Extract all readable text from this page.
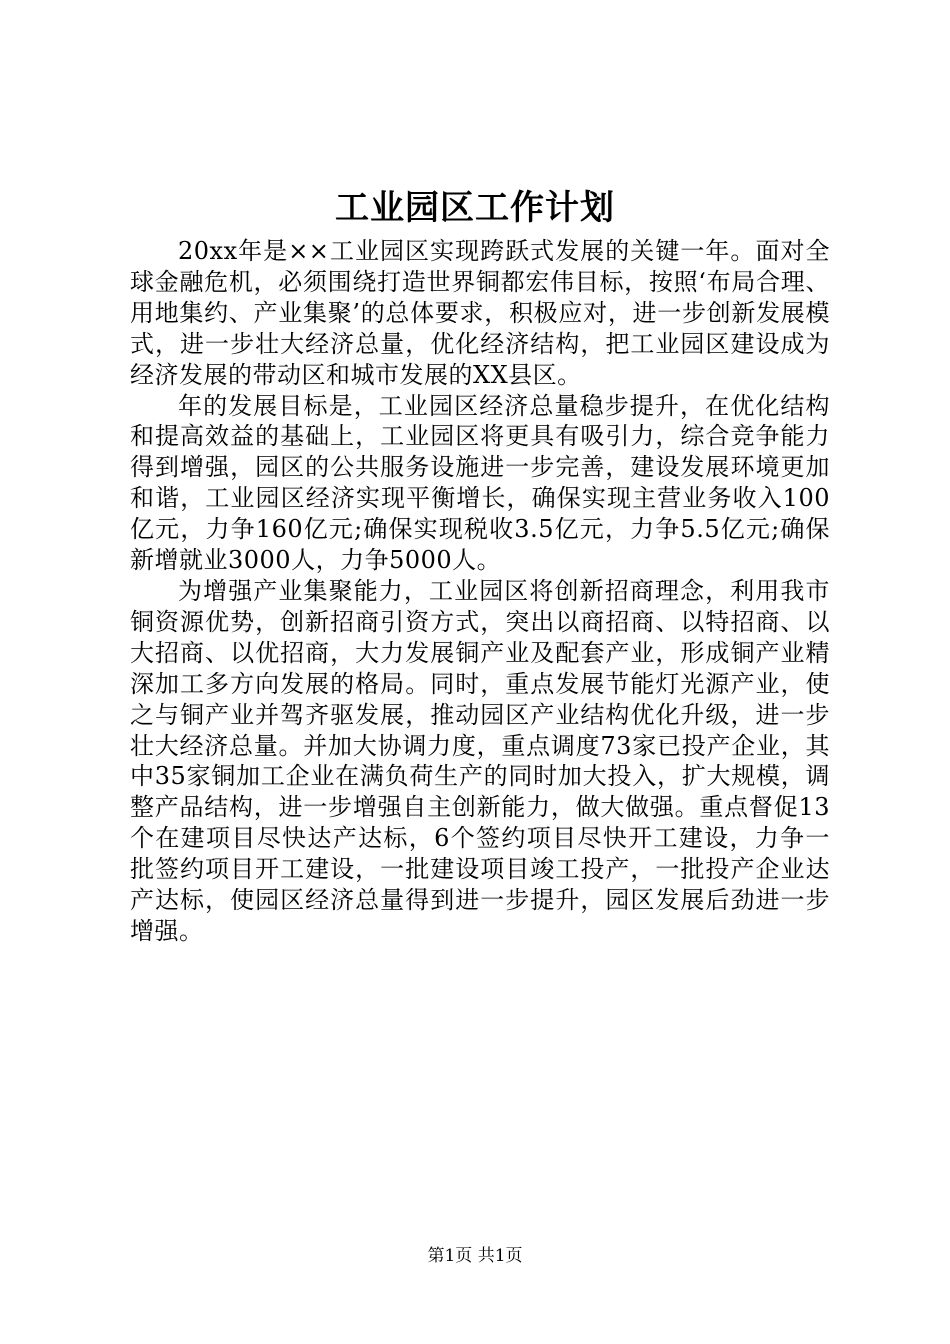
工业园区工作计划

20xx年是××工业园区实现跨跃式发展的关键一年。面对全球金融危机，必须围绕打造世界铜都宏伟目标，按照‘布局合理、用地集约、产业集聚’的总体要求，积极应对，进一步创新发展模式，进一步壮大经济总量，优化经济结构，把工业园区建设成为经济发展的带动区和城市发展的XX县区。

年的发展目标是，工业园区经济总量稳步提升，在优化结构和提高效益的基础上，工业园区将更具有吸引力，综合竞争能力得到增强，园区的公共服务设施进一步完善，建设发展环境更加和谐，工业园区经济实现平衡增长，确保实现主营业务收入100亿元，力争160亿元;确保实现税收3.5亿元，力争5.5亿元;确保新增就业3000人，力争5000人。

为增强产业集聚能力，工业园区将创新招商理念，利用我市铜资源优势，创新招商引资方式，突出以商招商、以特招商、以大招商、以优招商，大力发展铜产业及配套产业，形成铜产业精深加工多方向发展的格局。同时，重点发展节能灯光源产业，使之与铜产业并驾齐驱发展，推动园区产业结构优化升级，进一步壮大经济总量。并加大协调力度，重点调度73家已投产企业，其中35家铜加工企业在满负荷生产的同时加大投入，扩大规模，调整产品结构，进一步增强自主创新能力，做大做强。重点督促13个在建项目尽快达产达标，6个签约项目尽快开工建设，力争一批签约项目开工建设，一批建设项目竣工投产，一批投产企业达产达标，使园区经济总量得到进一步提升，园区发展后劲进一步增强。

第1页 共1页
